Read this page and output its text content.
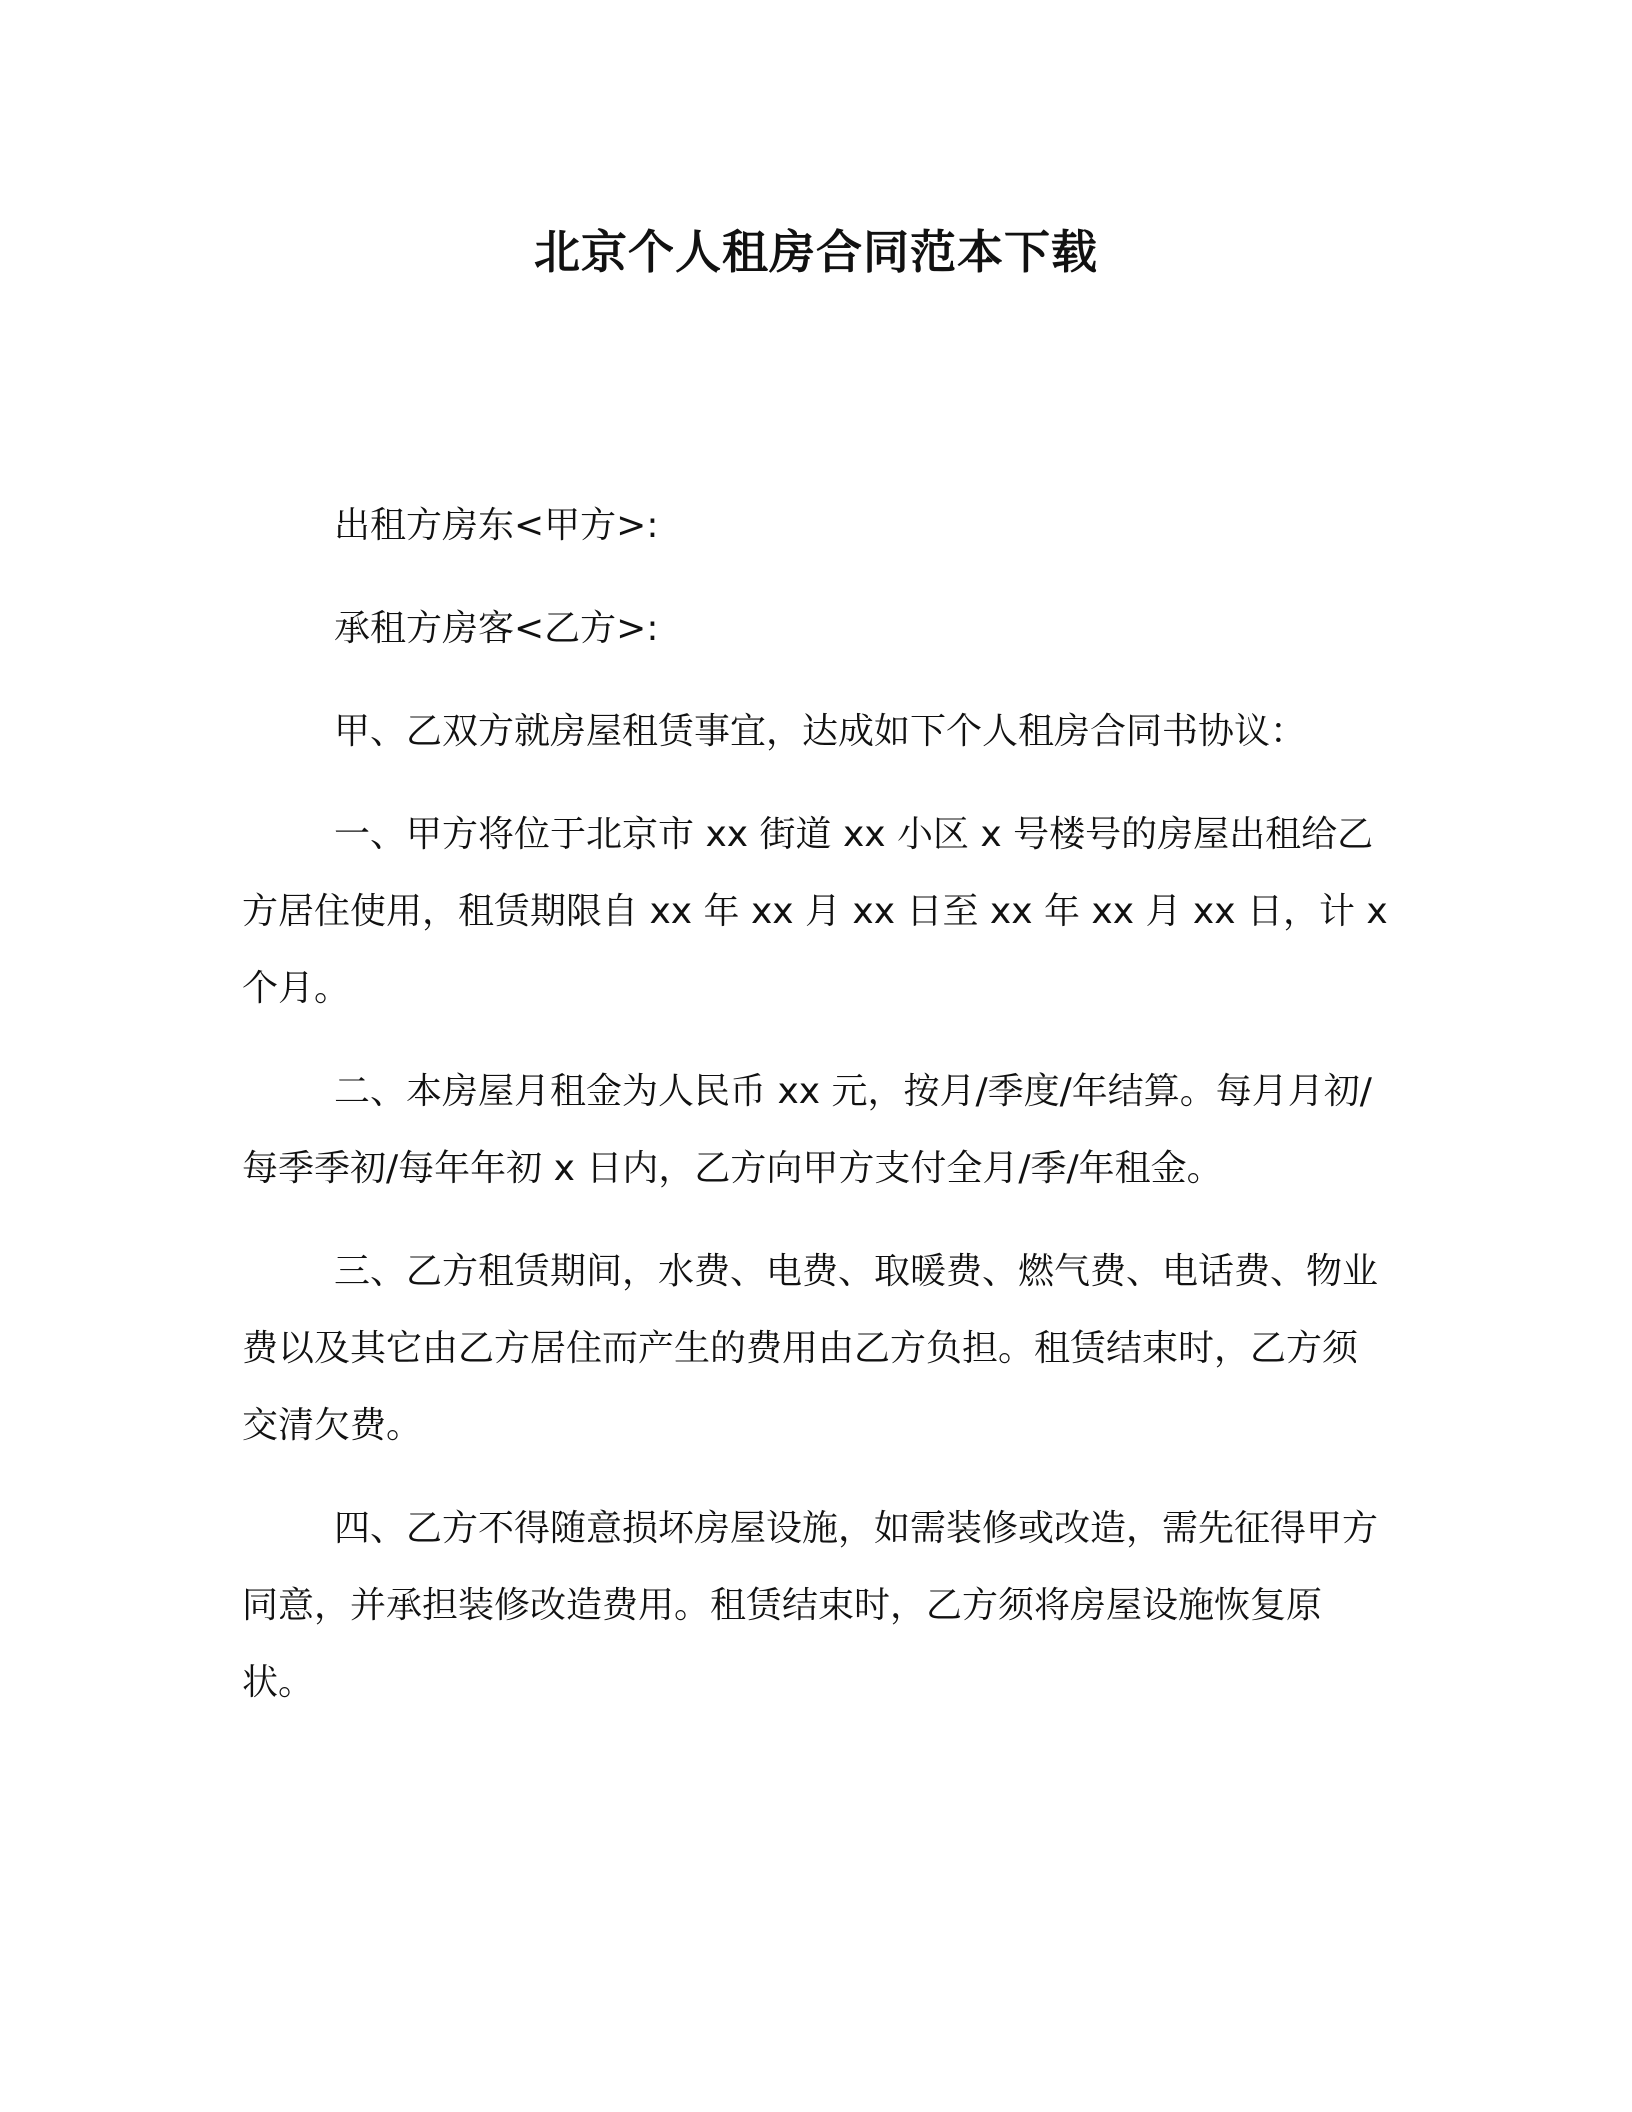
北京个人租房合同范本下载

出租方房东<甲方>:

承租方房客<乙方>:

甲、乙双方就房屋租赁事宜，达成如下个人租房合同书协议：

一、甲方将位于北京市 xx 街道 xx 小区 x 号楼号的房屋出租给乙方居住使用，租赁期限自 xx 年 xx 月 xx 日至 xx 年 xx 月 xx 日，计 x 个月。

二、本房屋月租金为人民币 xx 元，按月/季度/年结算。每月月初/每季季初/每年年初 x 日内，乙方向甲方支付全月/季/年租金。

三、乙方租赁期间，水费、电费、取暖费、燃气费、电话费、物业费以及其它由乙方居住而产生的费用由乙方负担。租赁结束时，乙方须交清欠费。

四、乙方不得随意损坏房屋设施，如需装修或改造，需先征得甲方同意，并承担装修改造费用。租赁结束时，乙方须将房屋设施恢复原状。
